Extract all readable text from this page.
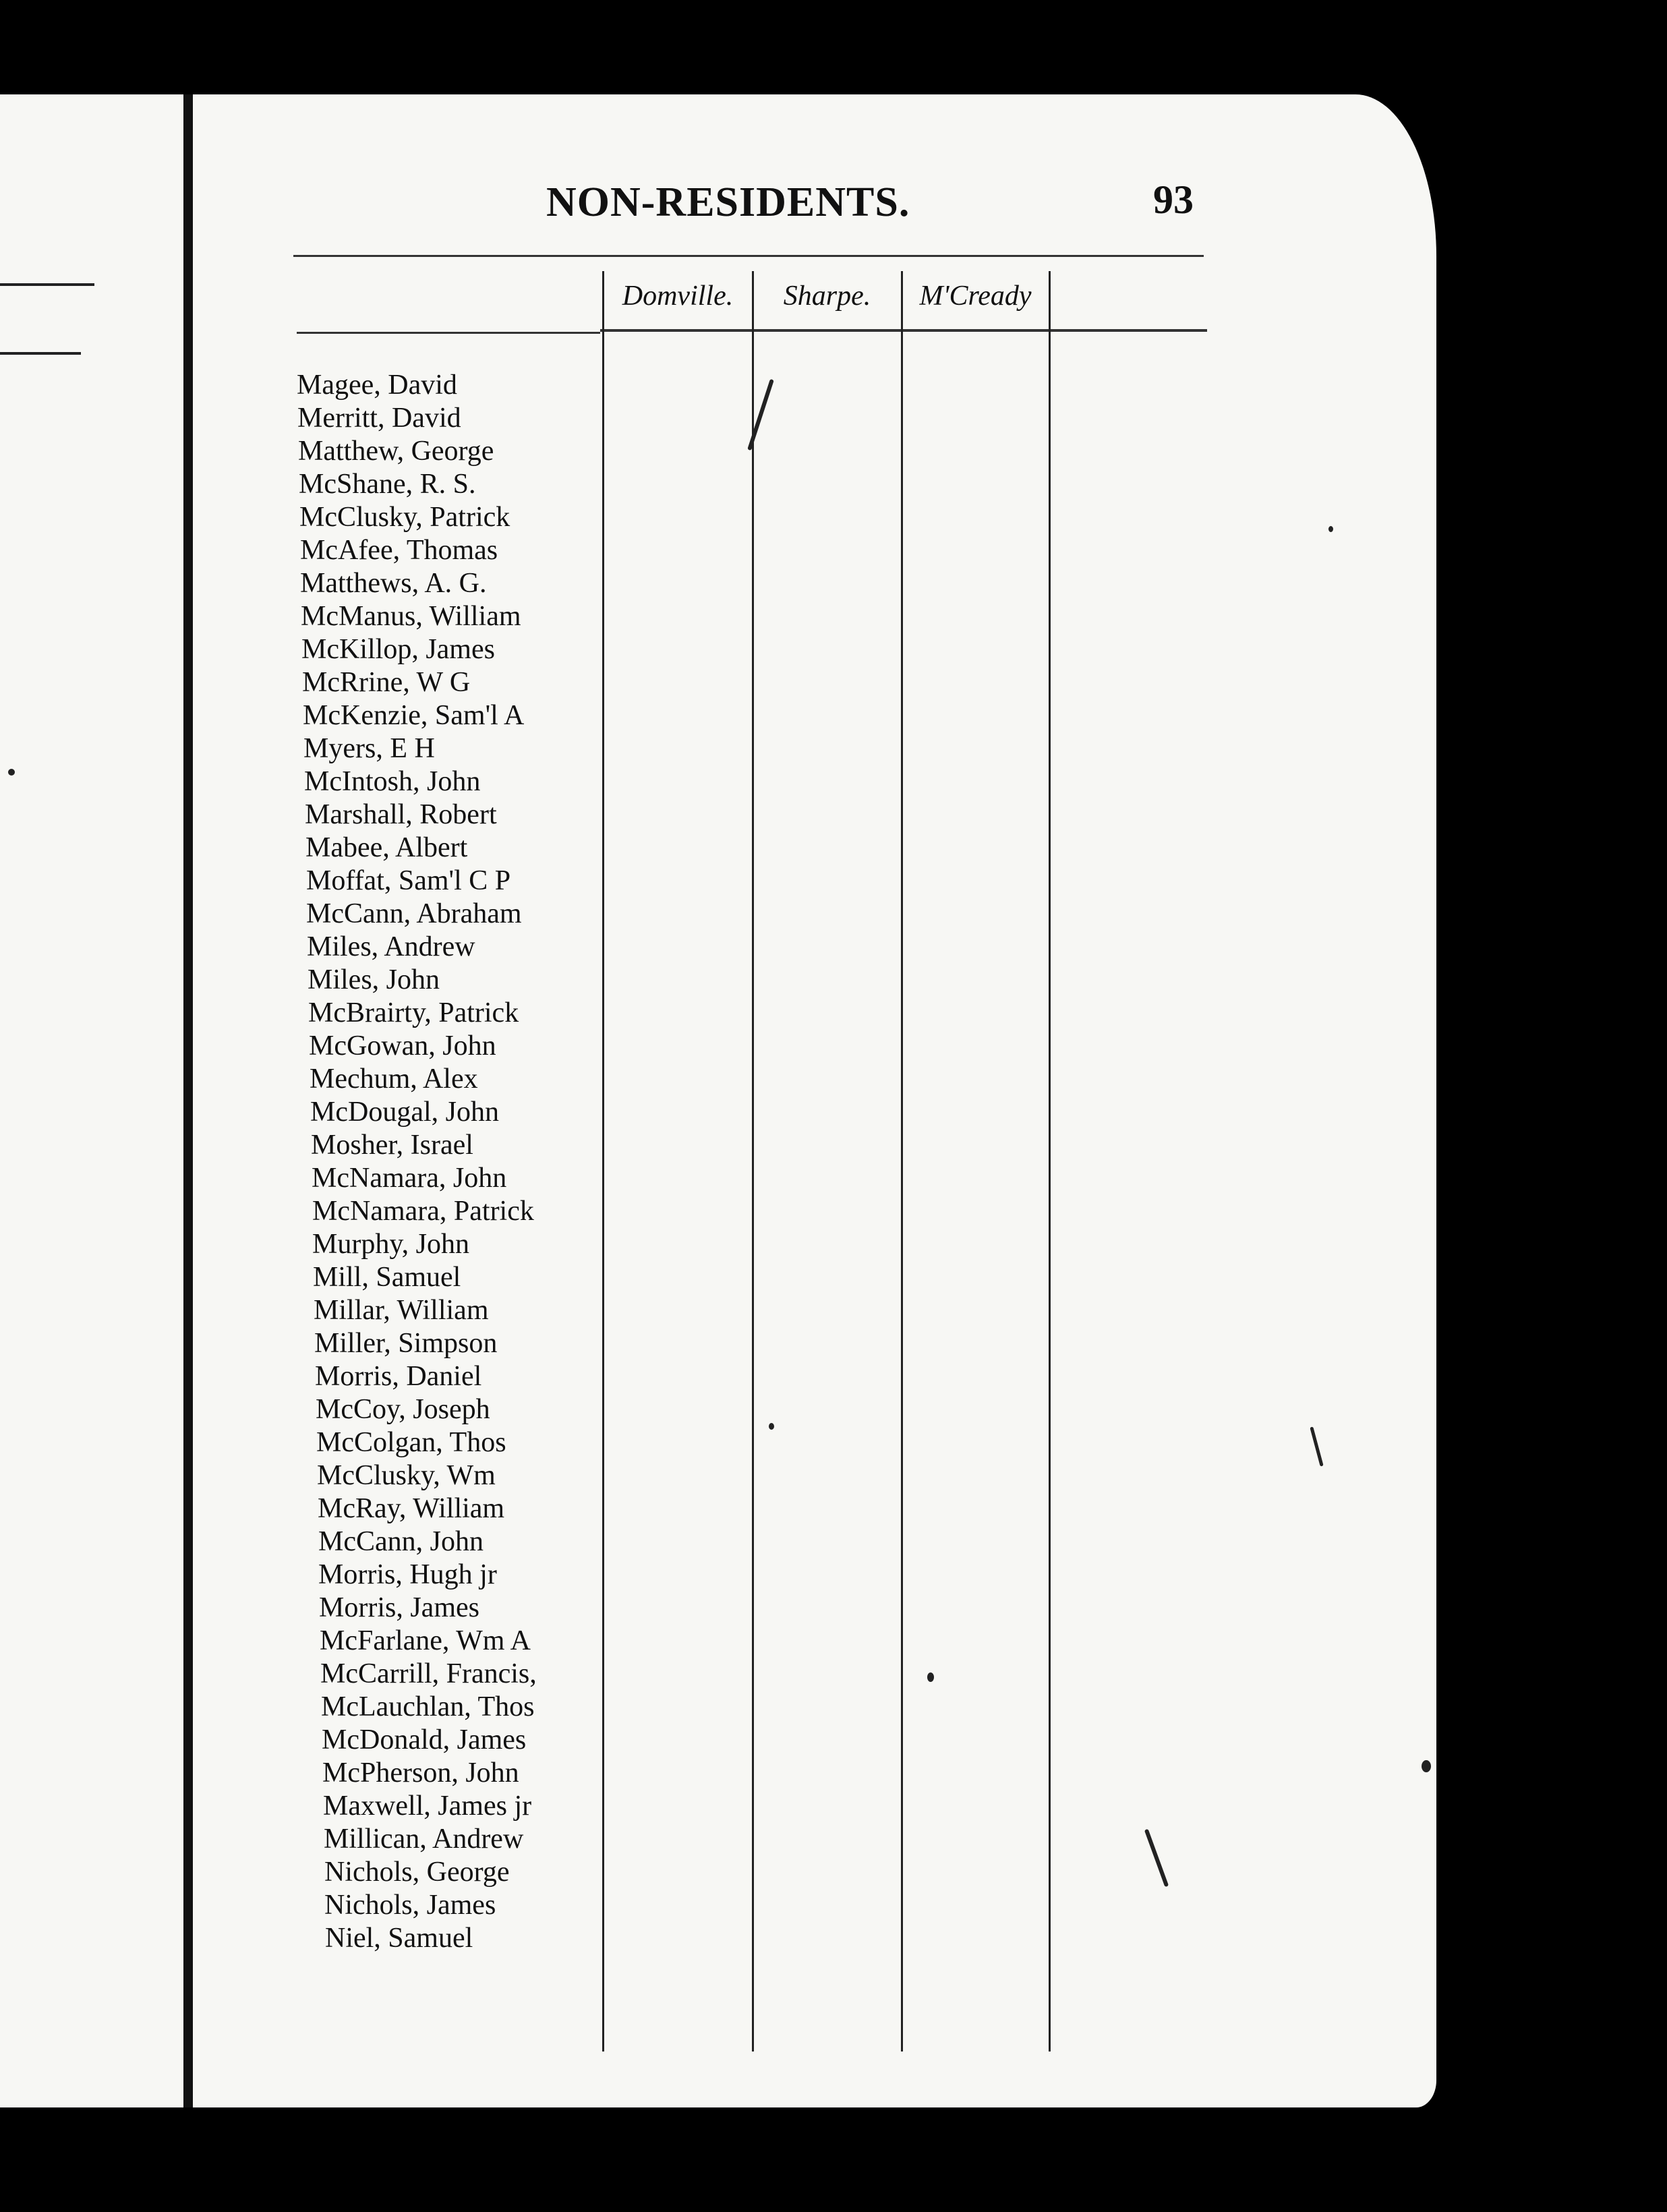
NON-RESIDENTS.	93
Domville.	Sharpe.	M'Cready
Magee, David
Merritt, David
Matthew, George
McShane, R. S.
McClusky, Patrick
McAfee, Thomas
Matthews, A. G.
McManus, William
McKillop, James
McRrine, W G
McKenzie, Sam'l A
Myers, E H
McIntosh, John
Marshall, Robert
Mabee, Albert
Moffat, Sam'l C P
McCann, Abraham
Miles, Andrew
Miles, John
McBrairty, Patrick
McGowan, John
Mechum, Alex
McDougal, John
Mosher, Israel
McNamara, John
McNamara, Patrick
Murphy, John
Mill, Samuel
Millar, William
Miller, Simpson
Morris, Daniel
McCoy, Joseph
McColgan, Thos
McClusky, Wm
McRay, William
McCann, John
Morris, Hugh jr
Morris, James
McFarlane, Wm A
McCarrill, Francis,
McLauchlan, Thos
McDonald, James
McPherson, John
Maxwell, James jr
Millican, Andrew
Nichols, George
Nichols, James
Niel, Samuel
